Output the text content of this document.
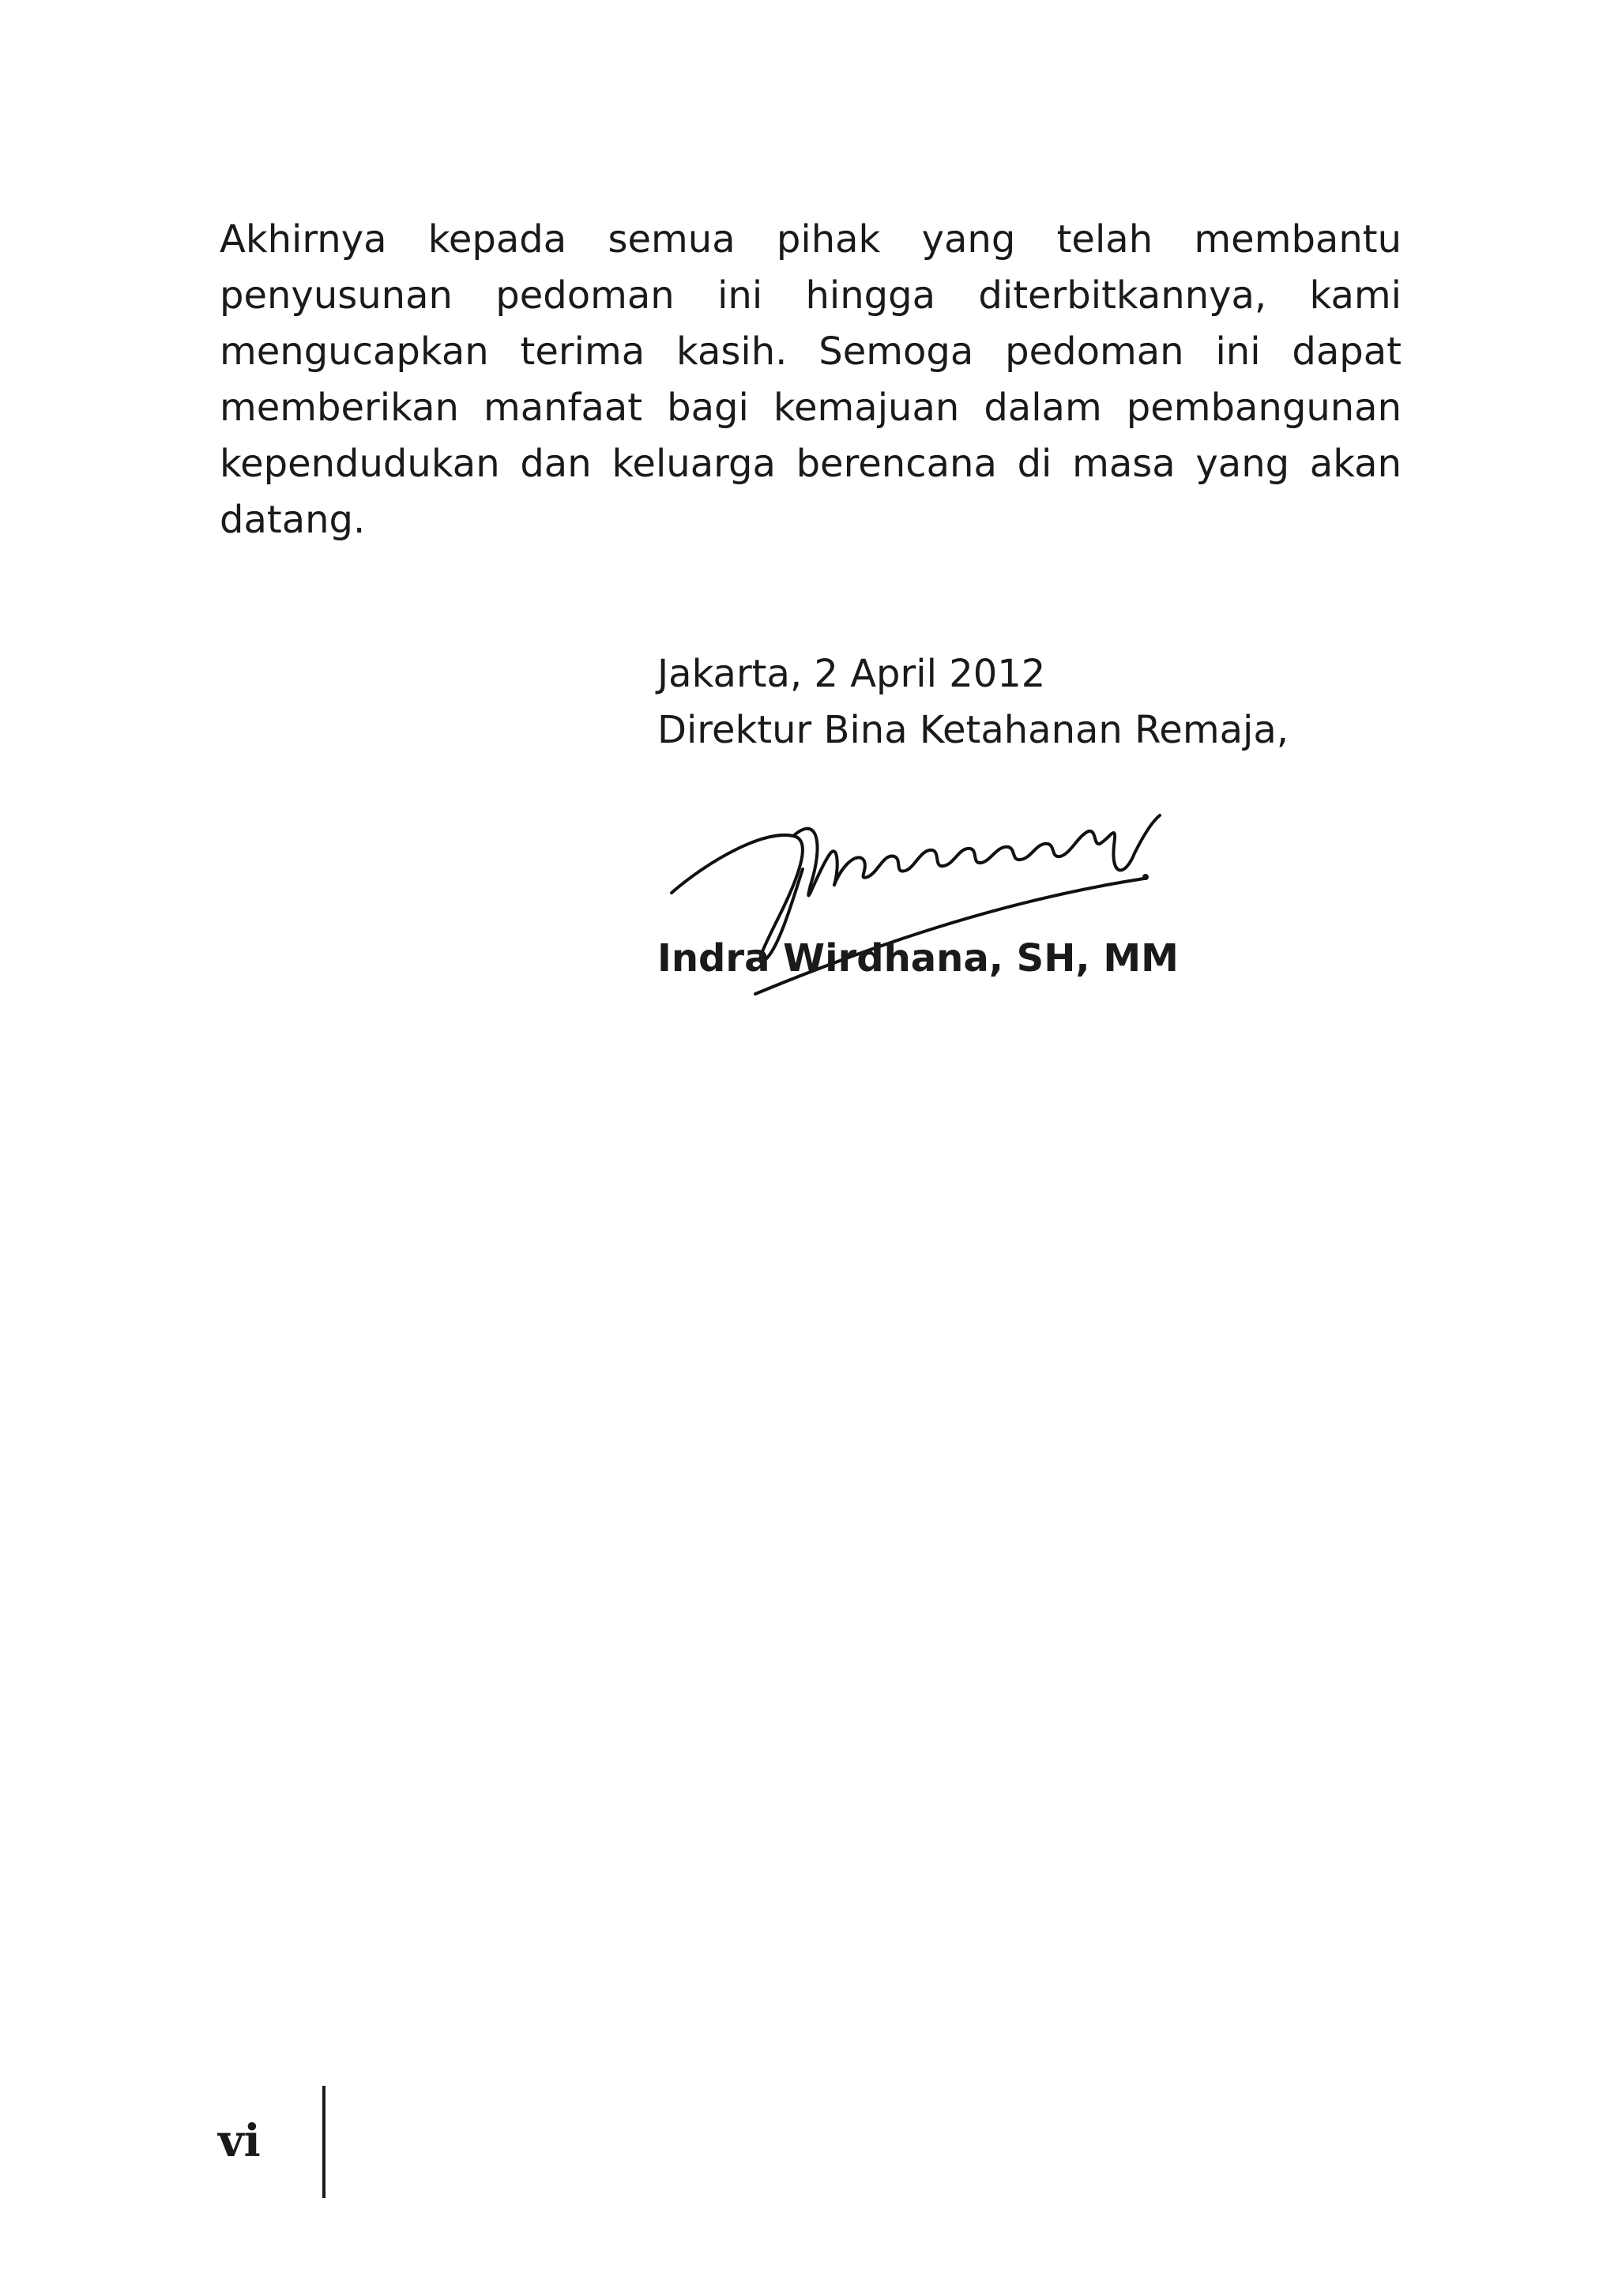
Akhirnya kepada semua pihak yang telah membantu penyusunan pedoman ini hingga diterbitkannya, kami mengucapkan terima kasih. Semoga pedoman ini dapat memberikan manfaat bagi kemajuan dalam pembangunan kependudukan dan keluarga berencana di masa yang akan datang.

Jakarta, 2 April 2012
Direktur Bina Ketahanan Remaja,
Indra Wirdhana, SH, MM
vi
